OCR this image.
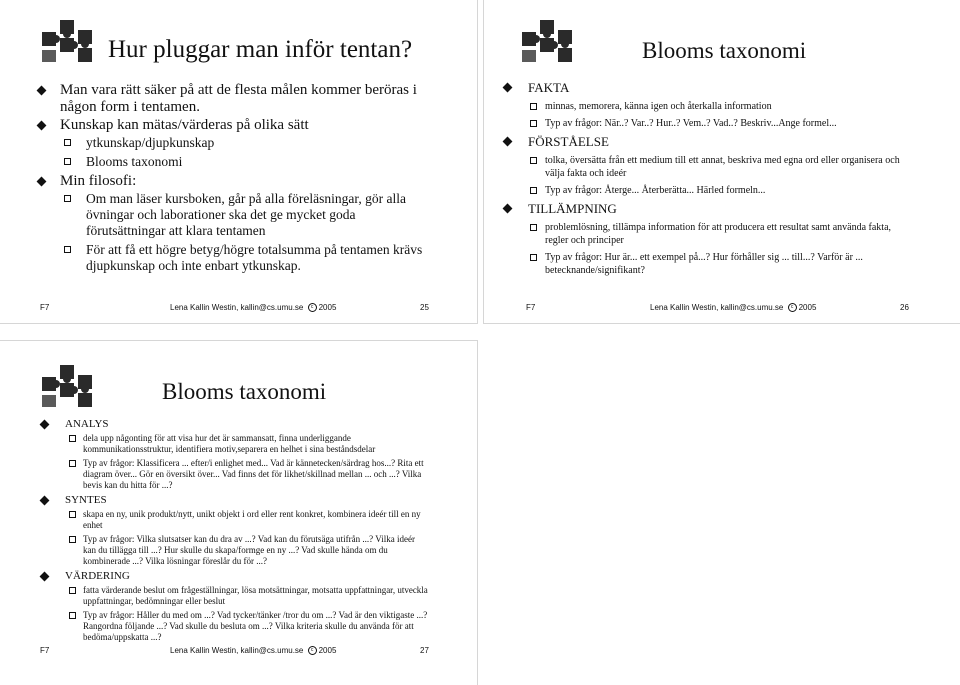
Hur pluggar man inför tentan?
Man vara rätt säker på att de flesta målen kommer beröras i någon form i tentamen.
Kunskap kan mätas/värderas på olika sätt
ytkunskap/djupkunskap
Blooms taxonomi
Min filosofi:
Om man läser kursboken, går på alla föreläsningar, gör alla övningar och laborationer ska det ge mycket goda förutsättningar att klara tentamen
För att få ett högre betyg/högre totalsumma på tentamen krävs djupkunskap och inte enbart ytkunskap.
F7	Lena Kallin Westin, kallin@cs.umu.se c 2005	25
Blooms taxonomi
FAKTA
minnas, memorera, känna igen och återkalla information
Typ av frågor: När..? Var..? Hur..? Vem..? Vad..? Beskriv...Ange formel...
FÖRSTÅELSE
tolka, översätta från ett medium till ett annat, beskriva med egna ord eller organisera och välja fakta och ideér
Typ av frågor: Återge... Återberätta... Härled formeln...
TILLÄMPNING
problemlösning, tillämpa information för att producera ett resultat samt använda fakta, regler och principer
Typ av frågor: Hur är... ett exempel på...? Hur förhåller sig ... till...? Varför är ... betecknande/signifikant?
F7	Lena Kallin Westin, kallin@cs.umu.se c 2005	26
Blooms taxonomi
ANALYS
dela upp någonting för att visa hur det är sammansatt, finna underliggande kommunikationsstruktur, identifiera motiv,separera en helhet i sina beståndsdelar
Typ av frågor: Klassificera ... efter/i enlighet med... Vad är kännetecken/särdrag hos...? Rita ett diagram över... Gör en översikt över... Vad finns det för likhet/skillnad mellan ... och ...? Vilka bevis kan du hitta för ...?
SYNTES
skapa en ny, unik produkt/nytt, unikt objekt i ord eller rent konkret, kombinera ideér till en ny enhet
Typ av frågor: Vilka slutsatser kan du dra av ...? Vad kan du förutsäga utifrån ...? Vilka ideér kan du tillägga till ...? Hur skulle du skapa/formge en ny ...? Vad skulle hända om du kombinerade ...? Vilka lösningar föreslår du för ...?
VÄRDERING
fatta värderande beslut om frågeställningar, lösa motsättningar, motsatta uppfattningar, utveckla uppfattningar, bedömningar eller beslut
Typ av frågor: Håller du med om ...? Vad tycker/tänker /tror du om ...? Vad är den viktigaste ...? Rangordna följande ...? Vad skulle du besluta om ...? Vilka kriteria skulle du använda för att bedöma/uppskatta ...?
F7	Lena Kallin Westin, kallin@cs.umu.se c 2005	27
